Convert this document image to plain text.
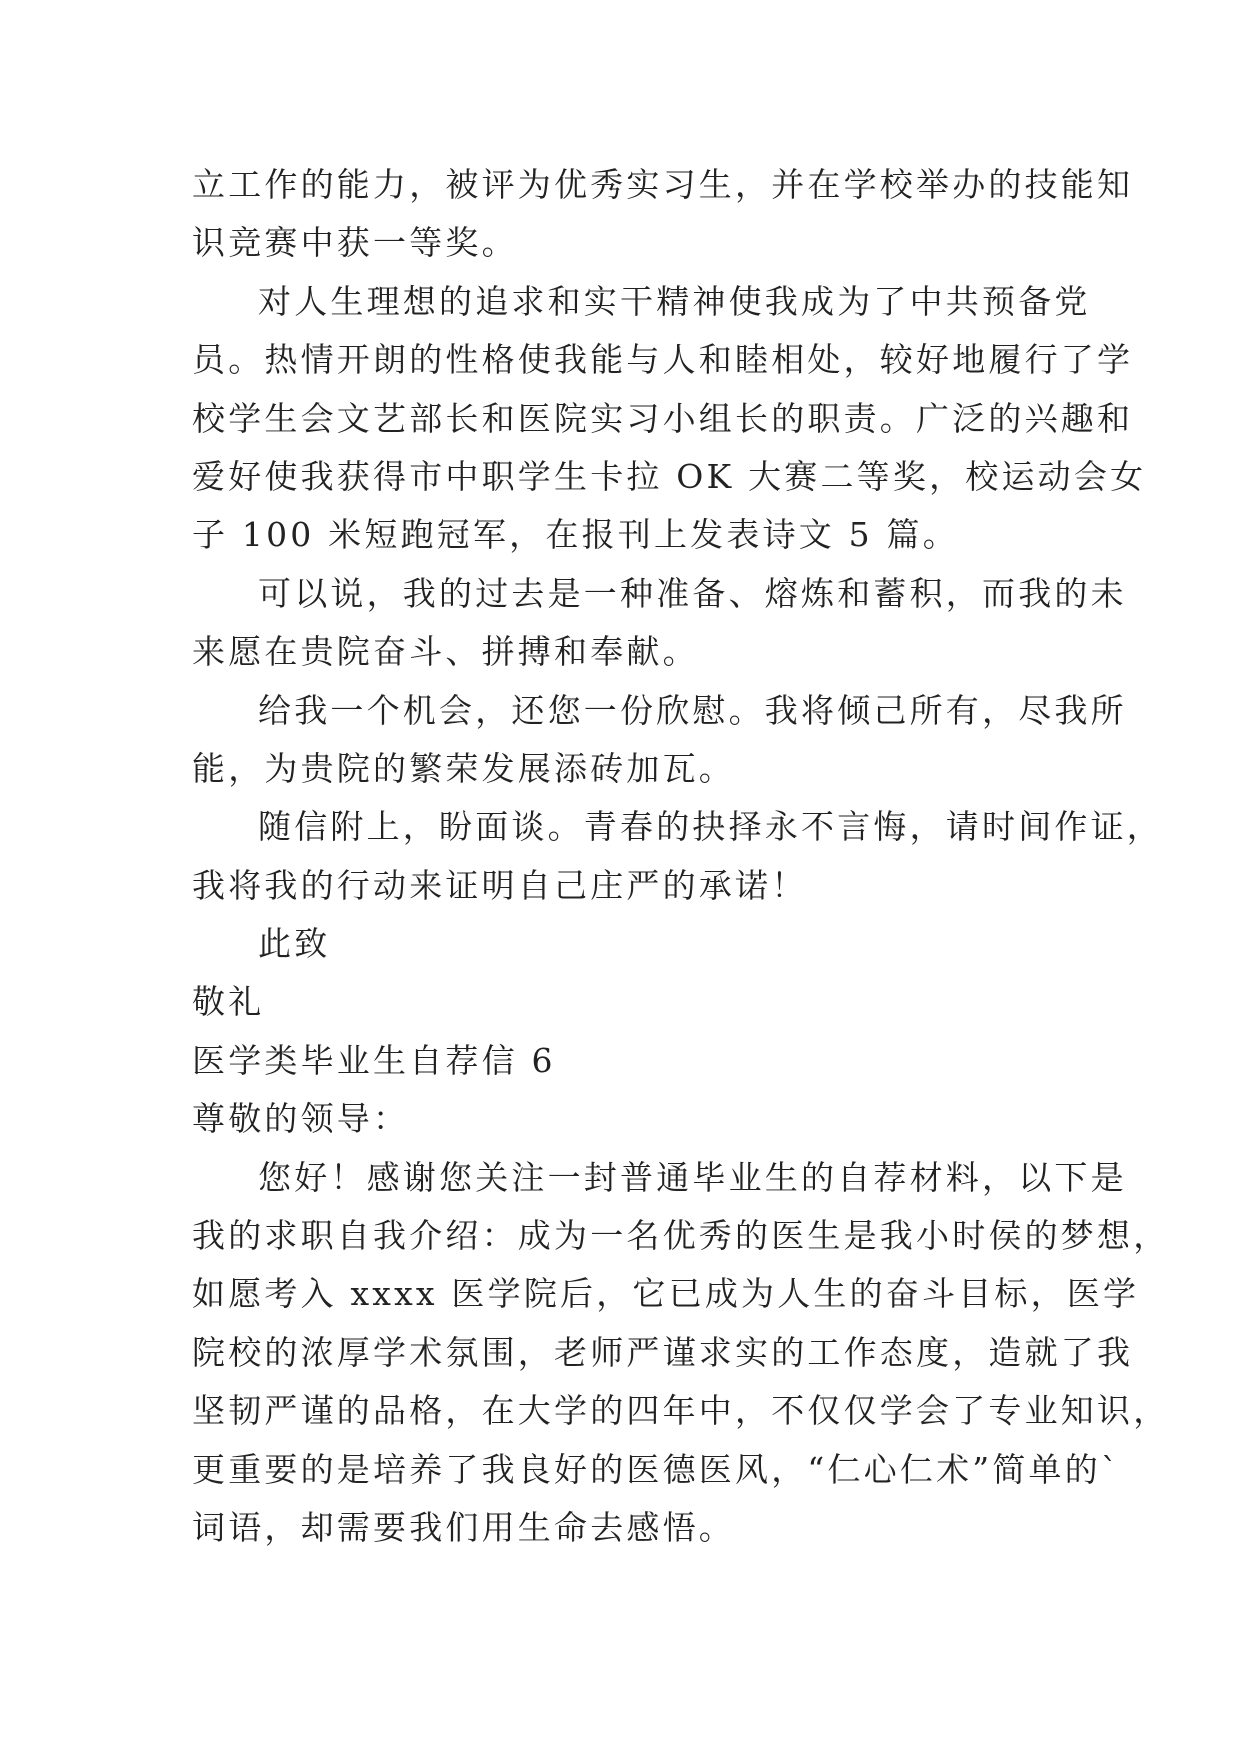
立工作的能力，被评为优秀实习生，并在学校举办的技能知
识竞赛中获一等奖。
对人生理想的追求和实干精神使我成为了中共预备党
员。热情开朗的性格使我能与人和睦相处，较好地履行了学
校学生会文艺部长和医院实习小组长的职责。广泛的兴趣和
爱好使我获得市中职学生卡拉 OK 大赛二等奖，校运动会女
子 100 米短跑冠军，在报刊上发表诗文 5 篇。
可以说，我的过去是一种准备、熔炼和蓄积，而我的未
来愿在贵院奋斗、拼搏和奉献。
给我一个机会，还您一份欣慰。我将倾己所有，尽我所
能，为贵院的繁荣发展添砖加瓦。
随信附上，盼面谈。青春的抉择永不言悔，请时间作证，
我将我的行动来证明自己庄严的承诺！
此致
敬礼
医学类毕业生自荐信 6
尊敬的领导：
您好！感谢您关注一封普通毕业生的自荐材料，以下是
我的求职自我介绍：成为一名优秀的医生是我小时侯的梦想，
如愿考入 xxxx 医学院后，它已成为人生的奋斗目标，医学
院校的浓厚学术氛围，老师严谨求实的工作态度，造就了我
坚韧严谨的品格，在大学的四年中，不仅仅学会了专业知识，
更重要的是培养了我良好的医德医风，“仁心仁术”简单的`
词语，却需要我们用生命去感悟。
